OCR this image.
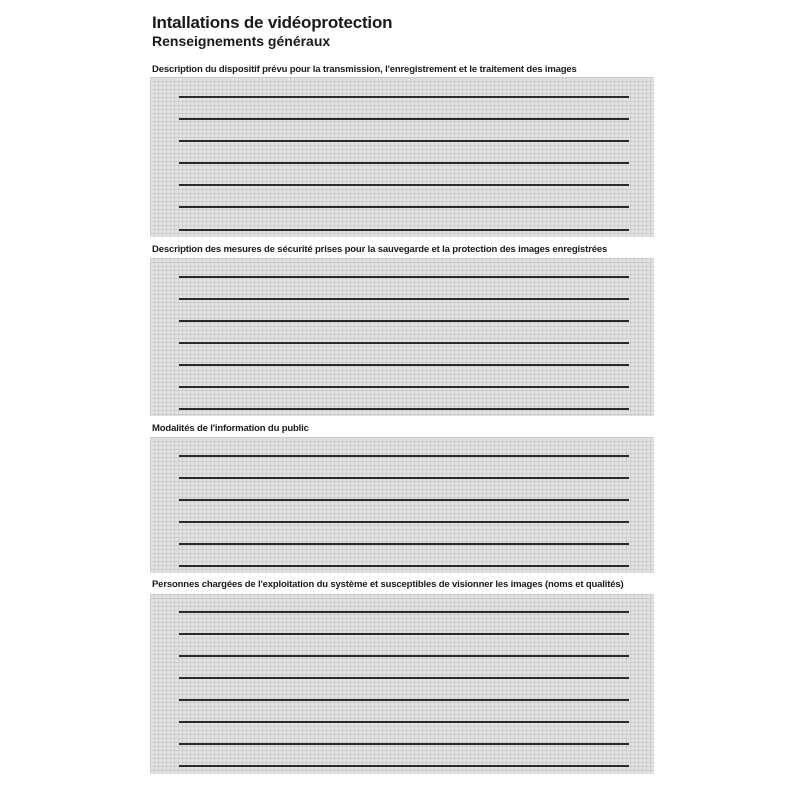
Intallations de vidéoprotection
Renseignements généraux

Description du dispositif prévu pour la transmission, l'enregistrement et le traitement des images

Description des mesures de sécurité prises pour la sauvegarde et la protection des images enregistrées

Modalités de l'information du public

Personnes chargées de l'exploitation du système et susceptibles de visionner les images (noms et qualités)
